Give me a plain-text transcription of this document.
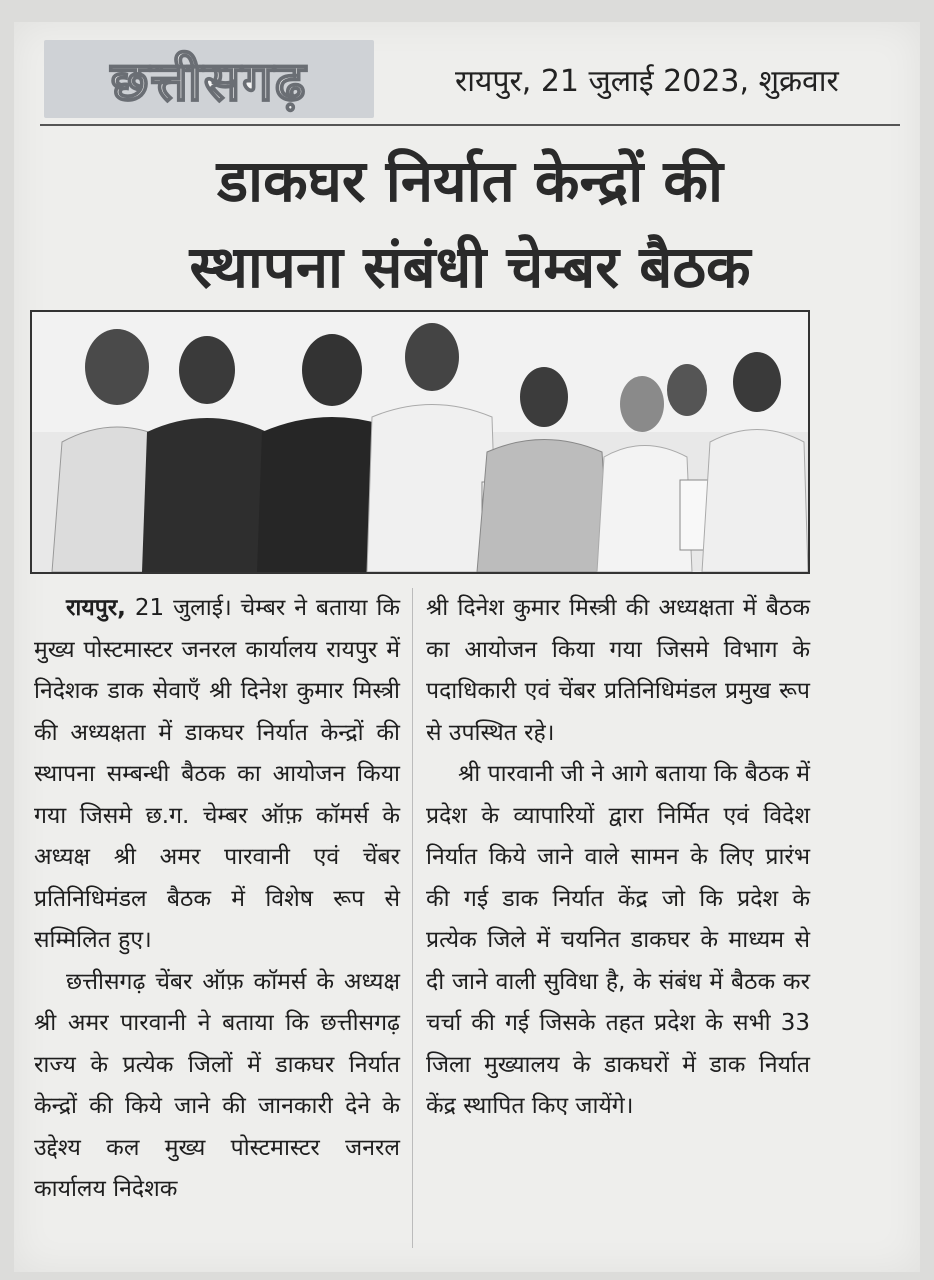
छत्तीसगढ़	रायपुर, 21 जुलाई 2023, शुक्रवार
डाकघर निर्यात केन्द्रों की
स्थापना संबंधी चेम्बर बैठक

रायपुर, 21 जुलाई। चेम्बर ने बताया कि मुख्य पोस्टमास्टर जनरल कार्यालय रायपुर में निदेशक डाक सेवाएँ श्री दिनेश कुमार मिस्त्री की अध्यक्षता में डाकघर निर्यात केन्द्रों की स्थापना सम्बन्धी बैठक का आयोजन किया गया जिसमे छ.ग. चेम्बर ऑफ़ कॉमर्स के अध्यक्ष श्री अमर पारवानी एवं चेंबर प्रतिनिधिमंडल बैठक में विशेष रूप से सम्मिलित हुए।

छत्तीसगढ़ चेंबर ऑफ़ कॉमर्स के अध्यक्ष श्री अमर पारवानी ने बताया कि छत्तीसगढ़ राज्य के प्रत्येक जिलों में डाकघर निर्यात केन्द्रों की किये जाने की जानकारी देने के उद्देश्य कल मुख्य पोस्टमास्टर जनरल कार्यालय निदेशक

श्री दिनेश कुमार मिस्त्री की अध्यक्षता में बैठक का आयोजन किया गया जिसमे विभाग के पदाधिकारी एवं चेंबर प्रतिनिधिमंडल प्रमुख रूप से उपस्थित रहे।

श्री पारवानी जी ने आगे बताया कि बैठक में प्रदेश के व्यापारियों द्वारा निर्मित एवं विदेश निर्यात किये जाने वाले सामन के लिए प्रारंभ की गई डाक निर्यात केंद्र जो कि प्रदेश के प्रत्येक जिले में चयनित डाकघर के माध्यम से दी जाने वाली सुविधा है, के संबंध में बैठक कर चर्चा की गई जिसके तहत प्रदेश के सभी 33 जिला मुख्यालय के डाकघरों में डाक निर्यात केंद्र स्थापित किए जायेंगे।
